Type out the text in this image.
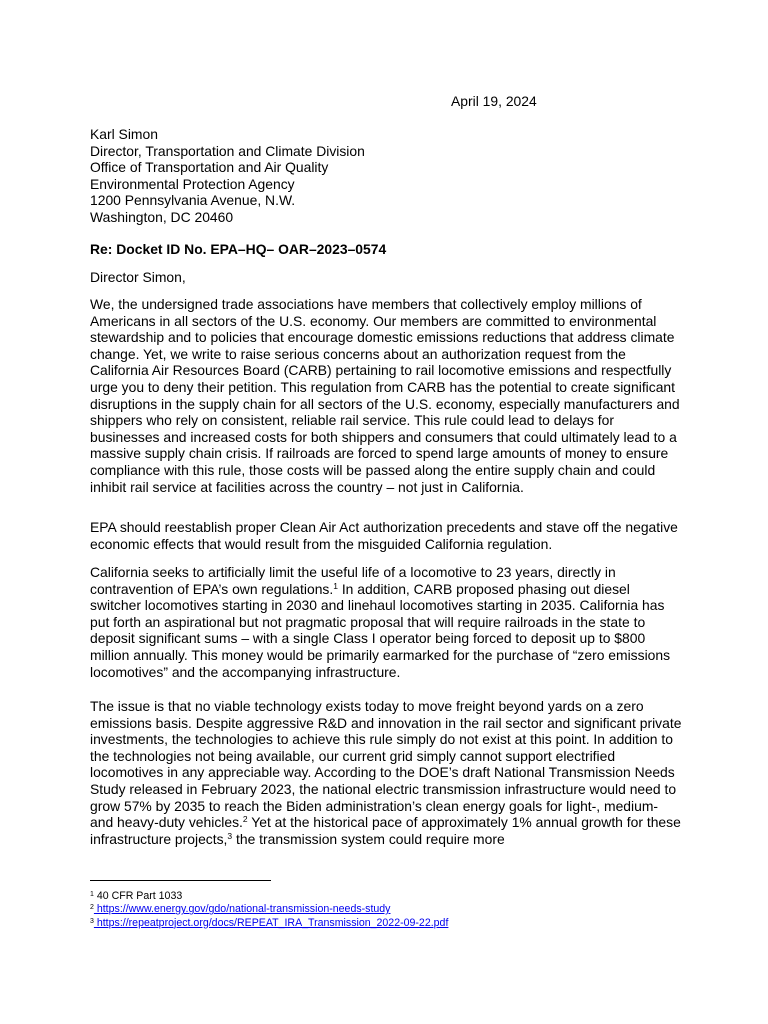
April 19, 2024
Karl Simon
Director, Transportation and Climate Division
Office of Transportation and Air Quality
Environmental Protection Agency
1200 Pennsylvania Avenue, N.W.
Washington, DC 20460
Re: Docket ID No. EPA–HQ– OAR–2023–0574
Director Simon,

We, the undersigned trade associations have members that collectively employ millions of Americans in all sectors of the U.S. economy. Our members are committed to environmental stewardship and to policies that encourage domestic emissions reductions that address climate change. Yet, we write to raise serious concerns about an authorization request from the California Air Resources Board (CARB) pertaining to rail locomotive emissions and respectfully urge you to deny their petition. This regulation from CARB has the potential to create significant disruptions in the supply chain for all sectors of the U.S. economy, especially manufacturers and shippers who rely on consistent, reliable rail service. This rule could lead to delays for businesses and increased costs for both shippers and consumers that could ultimately lead to a massive supply chain crisis. If railroads are forced to spend large amounts of money to ensure compliance with this rule, those costs will be passed along the entire supply chain and could inhibit rail service at facilities across the country – not just in California.

EPA should reestablish proper Clean Air Act authorization precedents and stave off the negative economic effects that would result from the misguided California regulation.

California seeks to artificially limit the useful life of a locomotive to 23 years, directly in contravention of EPA’s own regulations.$^1$ In addition, CARB proposed phasing out diesel switcher locomotives starting in 2030 and linehaul locomotives starting in 2035. California has put forth an aspirational but not pragmatic proposal that will require railroads in the state to deposit significant sums – with a single Class I operator being forced to deposit up to $800 million annually. This money would be primarily earmarked for the purchase of “zero emissions locomotives” and the accompanying infrastructure.

The issue is that no viable technology exists today to move freight beyond yards on a zero emissions basis. Despite aggressive R&D and innovation in the rail sector and significant private investments, the technologies to achieve this rule simply do not exist at this point. In addition to the technologies not being available, our current grid simply cannot support electrified locomotives in any appreciable way. According to the DOE’s draft National Transmission Needs Study released in February 2023, the national electric transmission infrastructure would need to grow 57% by 2035 to reach the Biden administration’s clean energy goals for light-, medium- and heavy-duty vehicles.$^2$ Yet at the historical pace of approximately 1% annual growth for these infrastructure projects,$^3$ the transmission system could require more

$^1$ 40 CFR Part 1033
$^2$ https://www.energy.gov/gdo/national-transmission-needs-study
$^3$ https://repeatproject.org/docs/REPEAT_IRA_Transmission_2022-09-22.pdf
